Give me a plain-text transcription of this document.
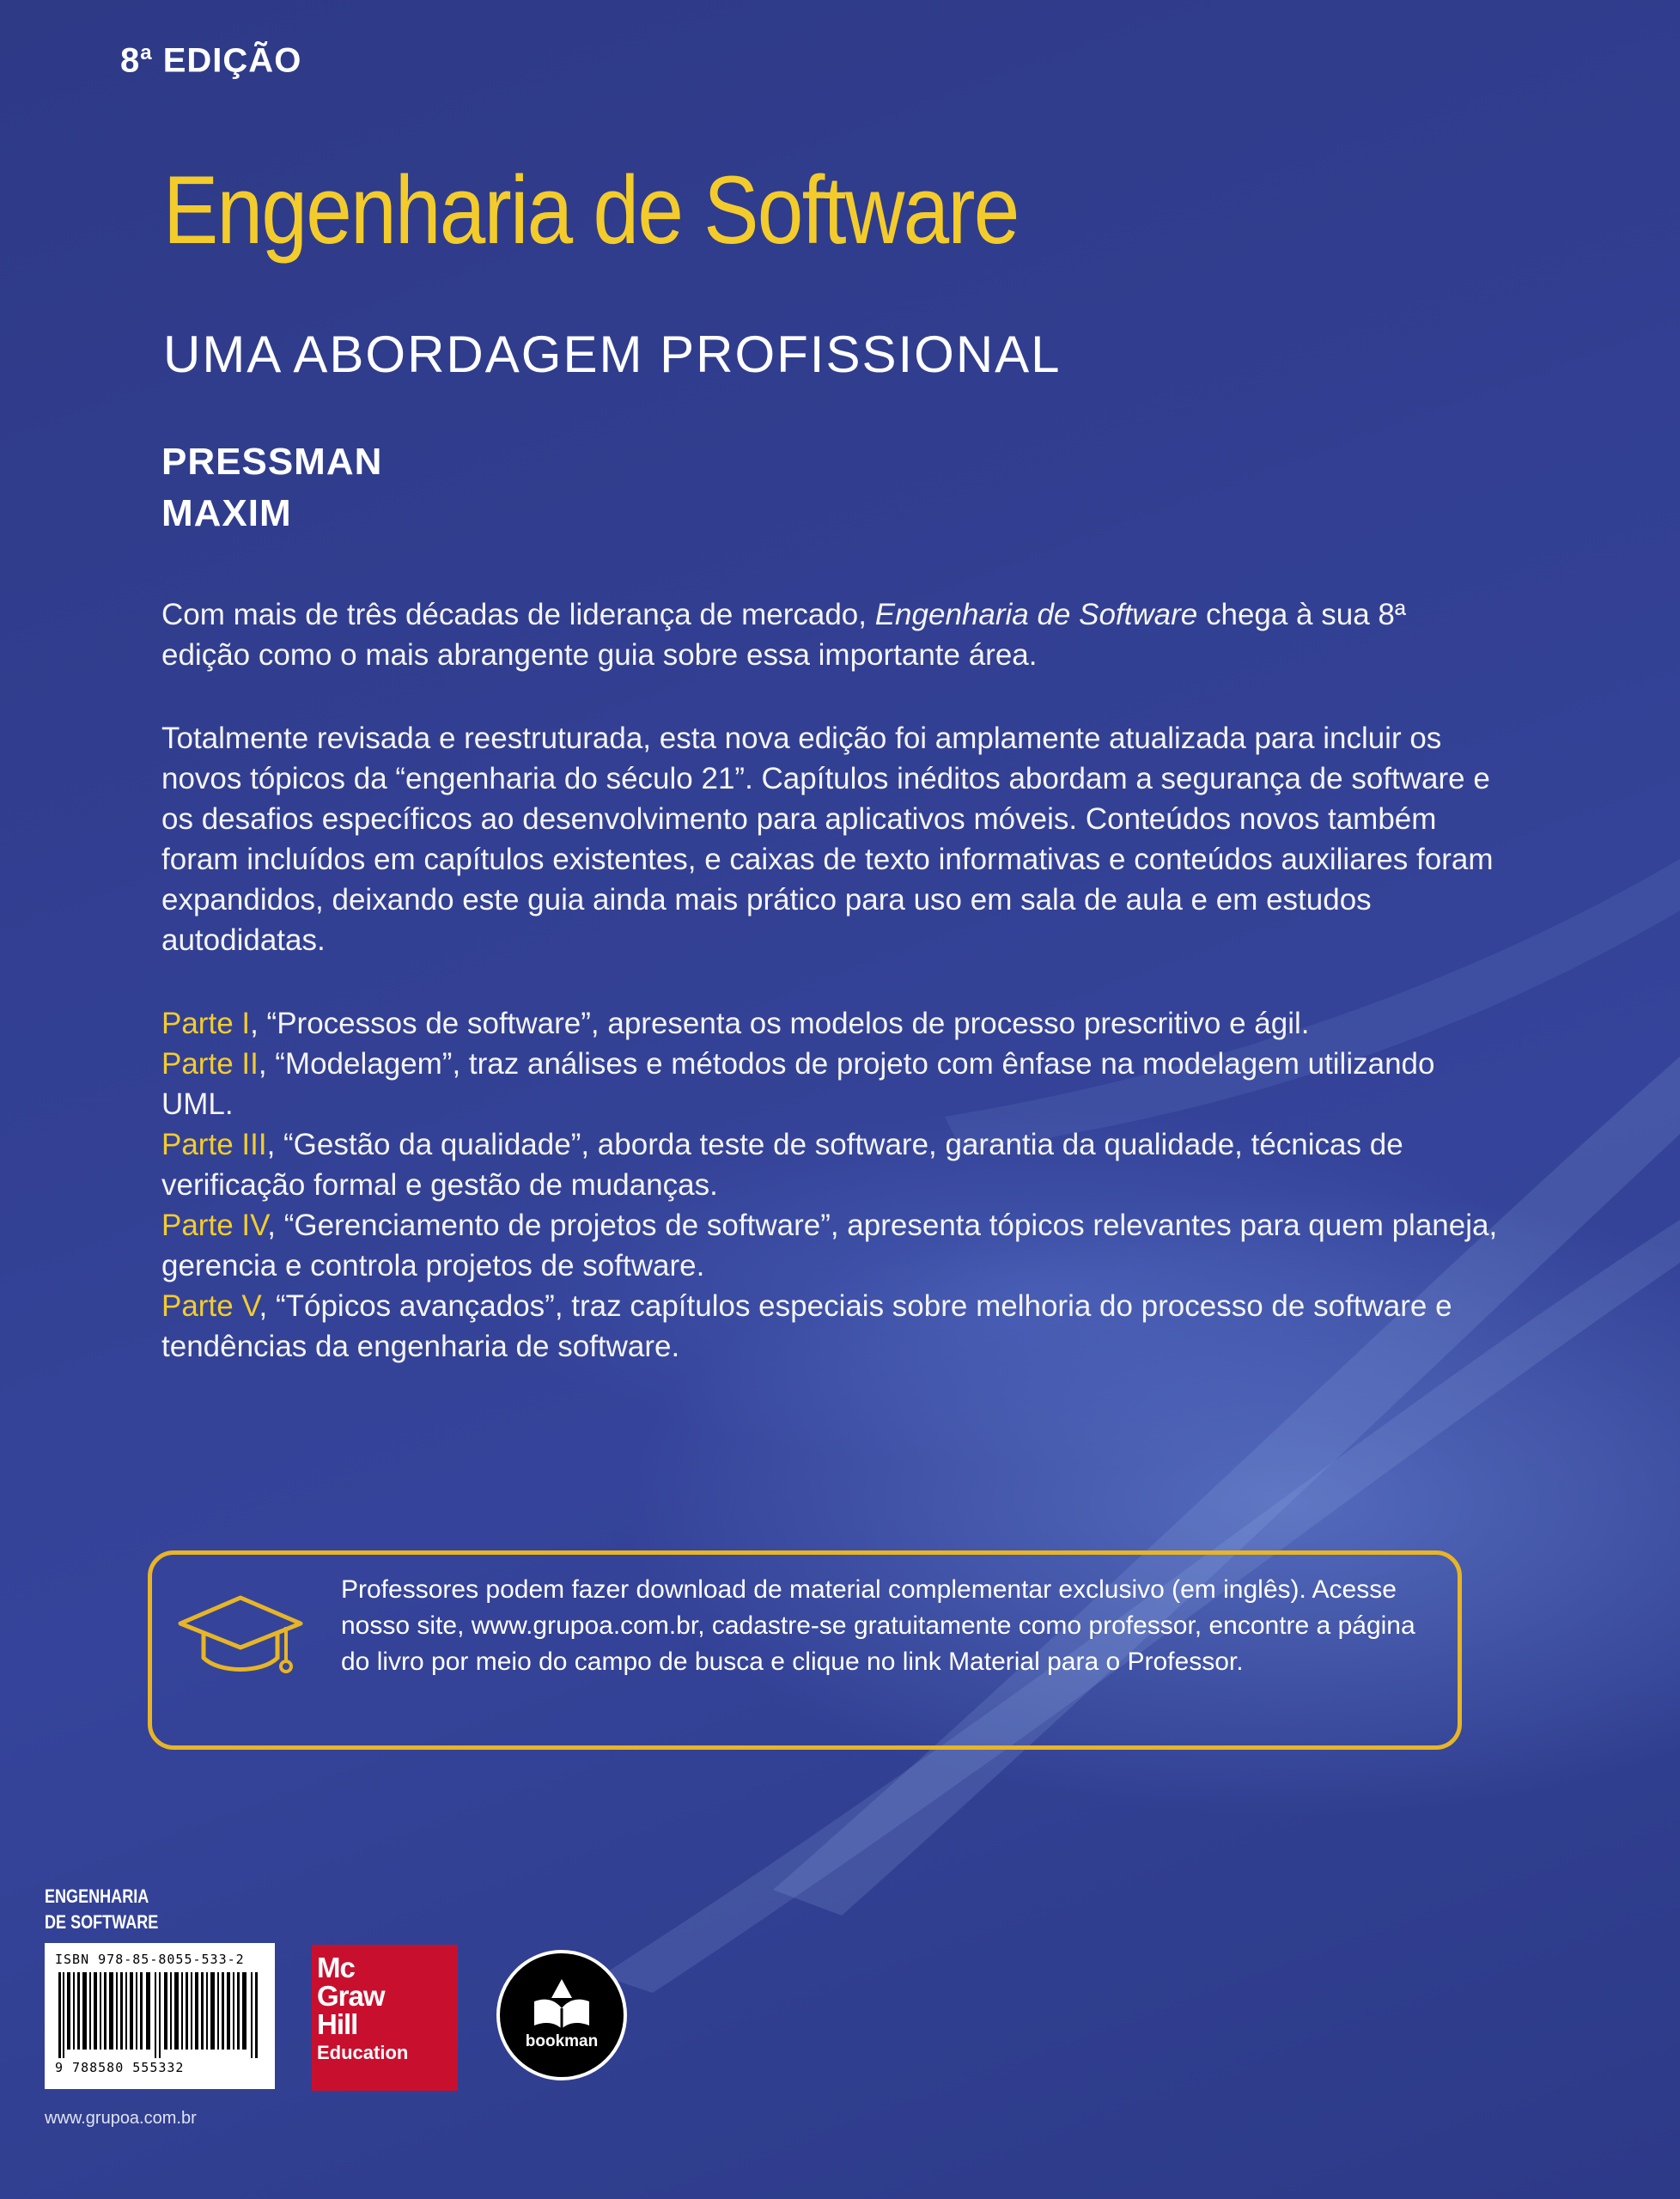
8$^a$ EDIÇÃO
Engenharia de Software
UMA ABORDAGEM PROFISSIONAL
PRESSMAN
MAXIM

Com mais de três décadas de liderança de mercado, Engenharia de Software chega à sua 8ª edição como o mais abrangente guia sobre essa importante área.

Totalmente revisada e reestruturada, esta nova edição foi amplamente atualizada para incluir os novos tópicos da “engenharia do século 21”. Capítulos inéditos abordam a segurança de software e os desafios específicos ao desenvolvimento para aplicativos móveis. Conteúdos novos também foram incluídos em capítulos existentes, e caixas de texto informativas e conteúdos auxiliares foram expandidos, deixando este guia ainda mais prático para uso em sala de aula e em estudos autodidatas.

Parte I, “Processos de software”, apresenta os modelos de processo prescritivo e ágil.

Parte II, “Modelagem”, traz análises e métodos de projeto com ênfase na modelagem utilizando UML.

Parte III, “Gestão da qualidade”, aborda teste de software, garantia da qualidade, técnicas de verificação formal e gestão de mudanças.

Parte IV, “Gerenciamento de projetos de software”, apresenta tópicos relevantes para quem planeja, gerencia e controla projetos de software.

Parte V, “Tópicos avançados”, traz capítulos especiais sobre melhoria do processo de software e tendências da engenharia de software.

Professores podem fazer download de material complementar exclusivo (em inglês). Acesse nosso site, www.grupoa.com.br, cadastre-se gratuitamente como professor, encontre a página do livro por meio do campo de busca e clique no link Material para o Professor.
ENGENHARIA
DE SOFTWARE
ISBN 978-85-8055-533-2
9 788580 555332
Mc
Graw
Hill
Education
bookman
www.grupoa.com.br
